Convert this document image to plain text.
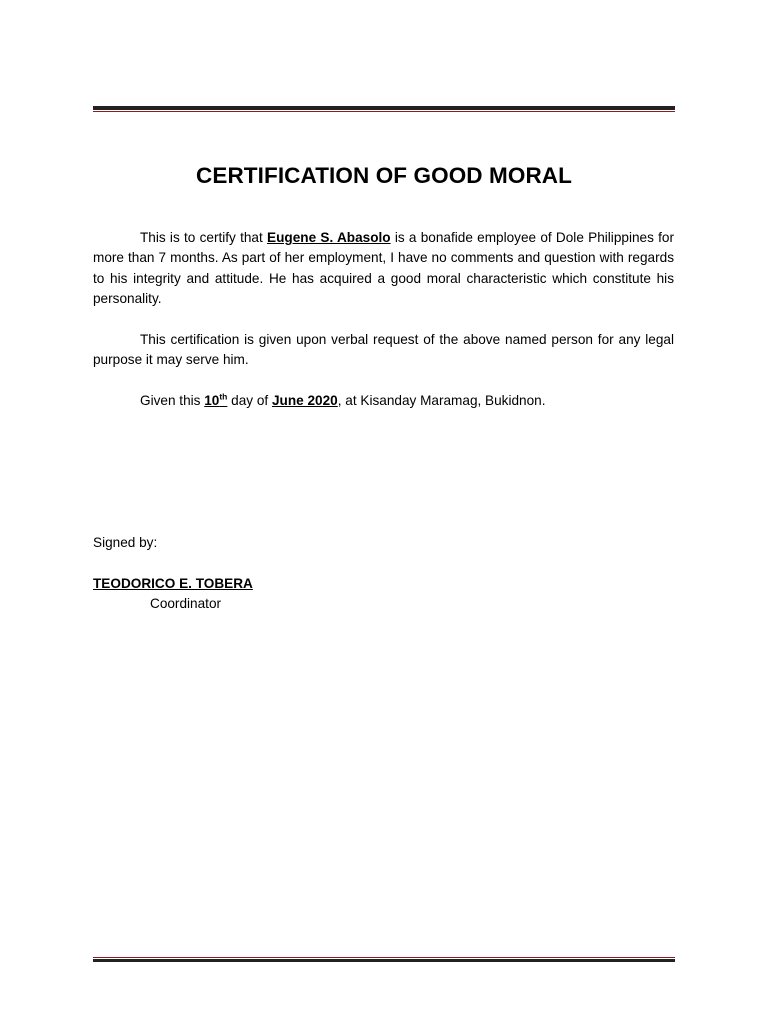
CERTIFICATION OF GOOD MORAL

This is to certify that Eugene S. Abasolo is a bonafide employee of Dole Philippines for more than 7 months. As part of her employment, I have no comments and question with regards to his integrity and attitude. He has acquired a good moral characteristic which constitute his personality.

This certification is given upon verbal request of the above named person for any legal purpose it may serve him.

Given this 10th day of June 2020, at Kisanday Maramag, Bukidnon.

Signed by:

TEODORICO E. TOBERA

Coordinator
